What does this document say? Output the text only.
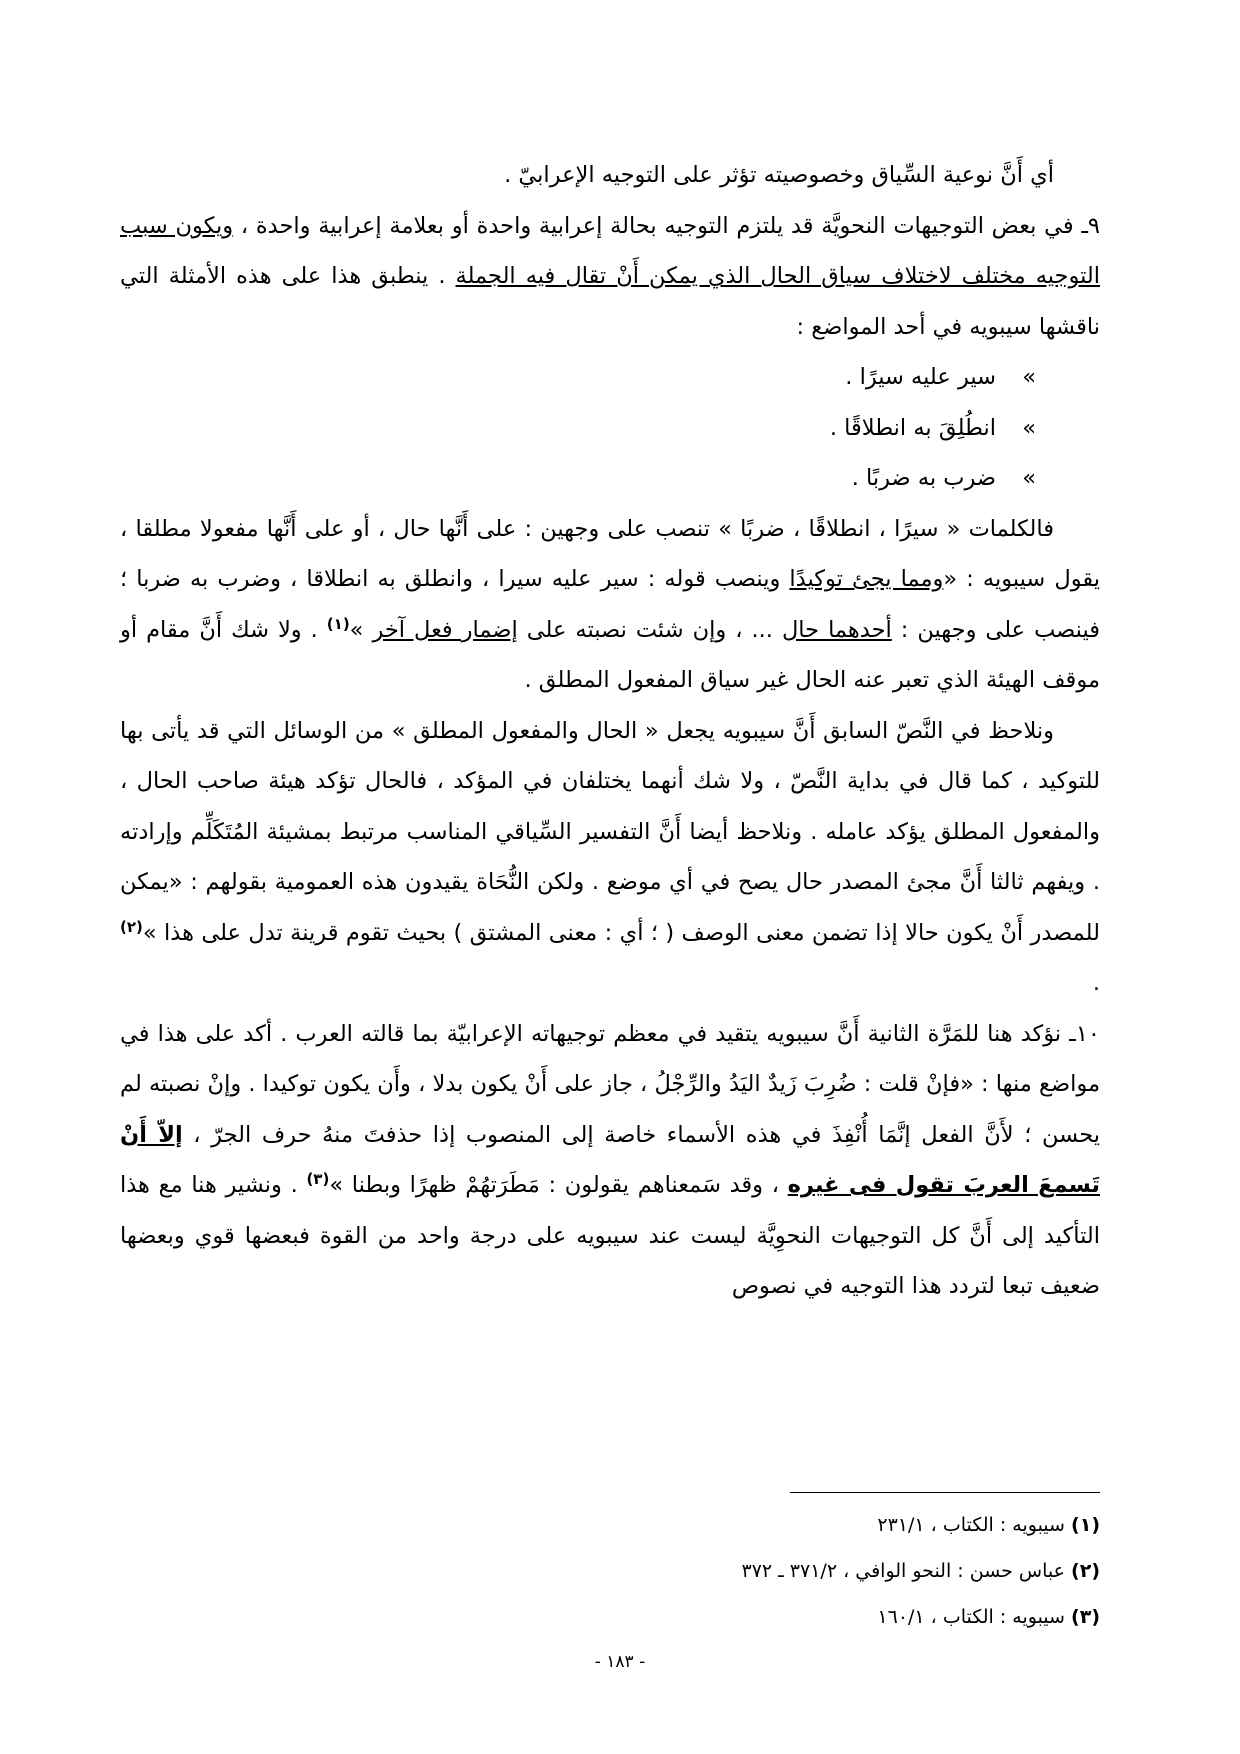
أي أَنَّ نوعية السِّياق وخصوصيته تؤثر على التوجيه الإعرابيّ .

٩ـ في بعض التوجيهات النحويَّة قد يلتزم التوجيه بحالة إعرابية واحدة أو بعلامة إعرابية واحدة ، ويكون سبب التوجيه مختلف لاختلاف سياق الحال الذي يمكن أَنْ تقال فيه الجملة . ينطبق هذا على هذه الأمثلة التي ناقشها سيبويه في أحد المواضع :

»سير عليه سيرًا .
»انطُلِقَ به انطلاقًا .
»ضرب به ضربًا .

فالكلمات « سيرًا ، انطلاقًا ، ضربًا » تنصب على وجهين : على أَنَّها حال ، أو على أَنَّها مفعولا مطلقا ، يقول سيبويه : «ومما يجئ توكيدًا وينصب قوله : سير عليه سيرا ، وانطلق به انطلاقا ، وضرب به ضربا ؛ فينصب على وجهين : أحدهما حال ... ، وإن شئت نصبته على إضمار فعل آخر »$^{(١)}$ . ولا شك أَنَّ مقام أو موقف الهيئة الذي تعبر عنه الحال غير سياق المفعول المطلق .

ونلاحظ في النَّصّ السابق أَنَّ سيبويه يجعل « الحال والمفعول المطلق » من الوسائل التي قد يأتى بها للتوكيد ، كما قال في بداية النَّصّ ، ولا شك أنهما يختلفان في المؤكد ، فالحال تؤكد هيئة صاحب الحال ، والمفعول المطلق يؤكد عامله . ونلاحظ أيضا أَنَّ التفسير السِّياقي المناسب مرتبط بمشيئة المُتَكَلِّم وإرادته . ويفهم ثالثا أَنَّ مجئ المصدر حال يصح في أي موضع . ولكن النُّحَاة يقيدون هذه العمومية بقولهم : «يمكن للمصدر أَنْ يكون حالا إذا تضمن معنى الوصف ( ؛ أي : معنى المشتق ) بحيث تقوم قرينة تدل على هذا »$^{(٢)}$ .

١٠ـ نؤكد هنا للمَرَّة الثانية أَنَّ سيبويه يتقيد في معظم توجيهاته الإعرابيّة بما قالته العرب . أكد على هذا في مواضع منها : «فإنْ قلت : ضُرِبَ زَيدٌ اليَدُ والرِّجْلُ ، جاز على أَنْ يكون بدلا ، وأَن يكون توكيدا . وإنْ نصبته لم يحسن ؛ لأَنَّ الفعل إنَّمَا أُنْفِذَ في هذه الأسماء خاصة إلى المنصوب إذا حذفتَ منهُ حرف الجرّ ، إلاّ أَنْ تَسمعَ العربَ تقول فى غيره ، وقد سَمعناهم يقولون : مَطَرَتهُمْ ظهرًا وبطنا »$^{(٣)}$ . ونشير هنا مع هذا التأكيد إلى أَنَّ كل التوجيهات النحوِيَّة ليست عند سيبويه على درجة واحد من القوة فبعضها قوي وبعضها ضعيف تبعا لتردد هذا التوجيه في نصوص

(١) سيبويه : الكتاب ، ٢٣١/١
(٢) عباس حسن : النحو الوافي ، ٣٧١/٢ ـ ٣٧٢
(٣) سيبويه : الكتاب ، ١٦٠/١
- ١٨٣ -
